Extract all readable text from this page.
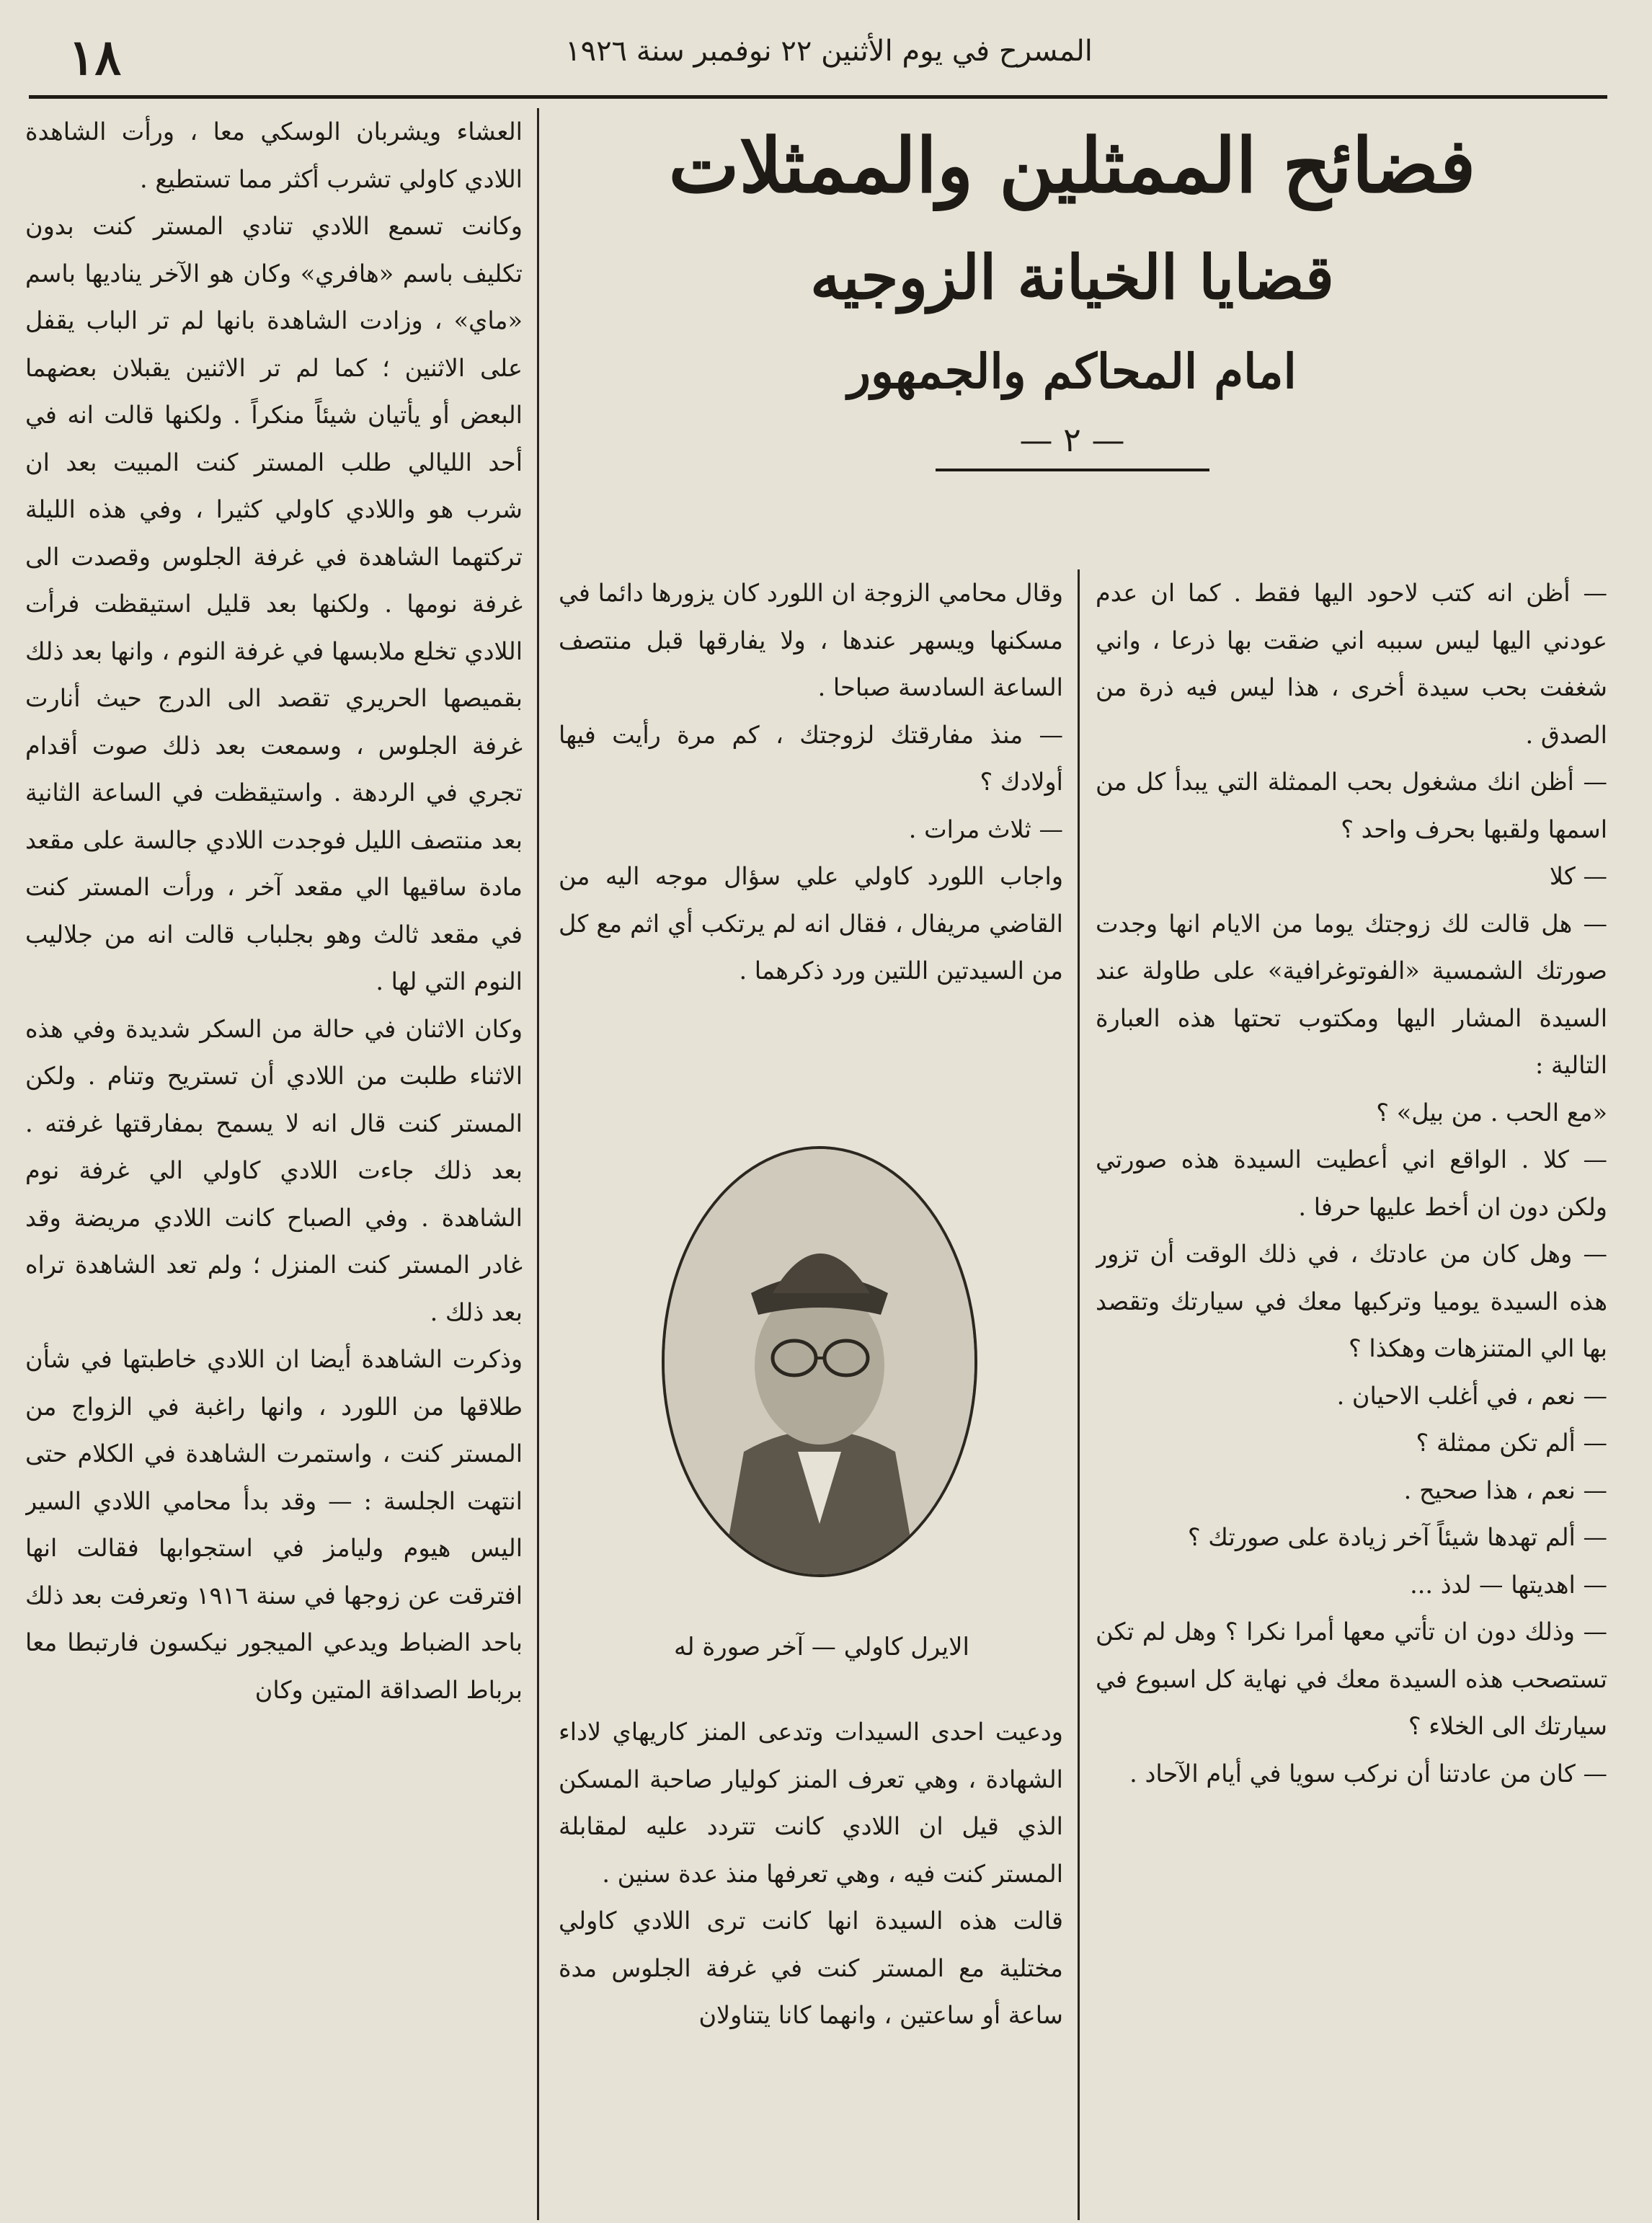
١٨	المسرح في يوم الأثنين ٢٢ نوفمبر سنة ١٩٢٦
فضائح الممثلين والممثلات
قضايا الخيانة الزوجيه
امام المحاكم والجمهور
— ٢ —

— أظن انه كتب لاحود اليها فقط . كما ان عدم عودني اليها ليس سببه اني ضقت بها ذرعا ، واني شغفت بحب سيدة أخرى ، هذا ليس فيه ذرة من الصدق .

— أظن انك مشغول بحب الممثلة التي يبدأ كل من اسمها ولقبها بحرف واحد ؟

— كلا

— هل قالت لك زوجتك يوما من الايام انها وجدت صورتك الشمسية «الفوتوغرافية» على طاولة عند السيدة المشار اليها ومكتوب تحتها هذه العبارة التالية :

«مع الحب . من بيل» ؟

— كلا . الواقع اني أعطيت السيدة هذه صورتي ولكن دون ان أخط عليها حرفا .

— وهل كان من عادتك ، في ذلك الوقت أن تزور هذه السيدة يوميا وتركبها معك في سيارتك وتقصد بها الي المتنزهات وهكذا ؟

— نعم ، في أغلب الاحيان .

— ألم تكن ممثلة ؟

— نعم ، هذا صحيح .

— ألم تهدها شيئاً آخر زيادة على صورتك ؟

— اهديتها — لدذ ...

— وذلك دون ان تأتي معها أمرا نكرا ؟ وهل لم تكن تستصحب هذه السيدة معك في نهاية كل اسبوع في سيارتك الى الخلاء ؟

— كان من عادتنا أن نركب سويا في أيام الآحاد .

وقال محامي الزوجة ان اللورد كان يزورها دائما في مسكنها ويسهر عندها ، ولا يفارقها قبل منتصف الساعة السادسة صباحا .

— منذ مفارقتك لزوجتك ، كم مرة رأيت فيها أولادك ؟

— ثلاث مرات .

واجاب اللورد كاولي علي سؤال موجه اليه من القاضي مريفال ، فقال انه لم يرتكب أي اثم مع كل من السيدتين اللتين ورد ذكرهما .

الايرل كاولي — آخر صورة له

ودعيت احدى السيدات وتدعى المنز كاريهاي لاداء الشهادة ، وهي تعرف المنز كوليار صاحبة المسكن الذي قيل ان اللادي كانت تتردد عليه لمقابلة المستر كنت فيه ، وهي تعرفها منذ عدة سنين .

قالت هذه السيدة انها كانت ترى اللادي كاولي مختلية مع المستر كنت في غرفة الجلوس مدة ساعة أو ساعتين ، وانهما كانا يتناولان

العشاء ويشربان الوسكي معا ، ورأت الشاهدة اللادي كاولي تشرب أكثر مما تستطيع .

وكانت تسمع اللادي تنادي المستر كنت بدون تكليف باسم «هافري» وكان هو الآخر يناديها باسم «ماي» ، وزادت الشاهدة بانها لم تر الباب يقفل على الاثنين ؛ كما لم تر الاثنين يقبلان بعضهما البعض أو يأتيان شيئاً منكراً . ولكنها قالت انه في أحد الليالي طلب المستر كنت المبيت بعد ان شرب هو واللادي كاولي كثيرا ، وفي هذه الليلة تركتهما الشاهدة في غرفة الجلوس وقصدت الى غرفة نومها . ولكنها بعد قليل استيقظت فرأت اللادي تخلع ملابسها في غرفة النوم ، وانها بعد ذلك بقميصها الحريري تقصد الى الدرج حيث أنارت غرفة الجلوس ، وسمعت بعد ذلك صوت أقدام تجري في الردهة . واستيقظت في الساعة الثانية بعد منتصف الليل فوجدت اللادي جالسة على مقعد مادة ساقيها الي مقعد آخر ، ورأت المستر كنت في مقعد ثالث وهو بجلباب قالت انه من جلاليب النوم التي لها .

وكان الاثنان في حالة من السكر شديدة وفي هذه الاثناء طلبت من اللادي أن تستريح وتنام . ولكن المستر كنت قال انه لا يسمح بمفارقتها غرفته . بعد ذلك جاءت اللادي كاولي الي غرفة نوم الشاهدة . وفي الصباح كانت اللادي مريضة وقد غادر المستر كنت المنزل ؛ ولم تعد الشاهدة تراه بعد ذلك .

وذكرت الشاهدة أيضا ان اللادي خاطبتها في شأن طلاقها من اللورد ، وانها راغبة في الزواج من المستر كنت ، واستمرت الشاهدة في الكلام حتى انتهت الجلسة : — وقد بدأ محامي اللادي السير اليس هيوم وليامز في استجوابها فقالت انها افترقت عن زوجها في سنة ١٩١٦ وتعرفت بعد ذلك باحد الضباط ويدعي الميجور نيكسون فارتبطا معا برباط الصداقة المتين وكان
